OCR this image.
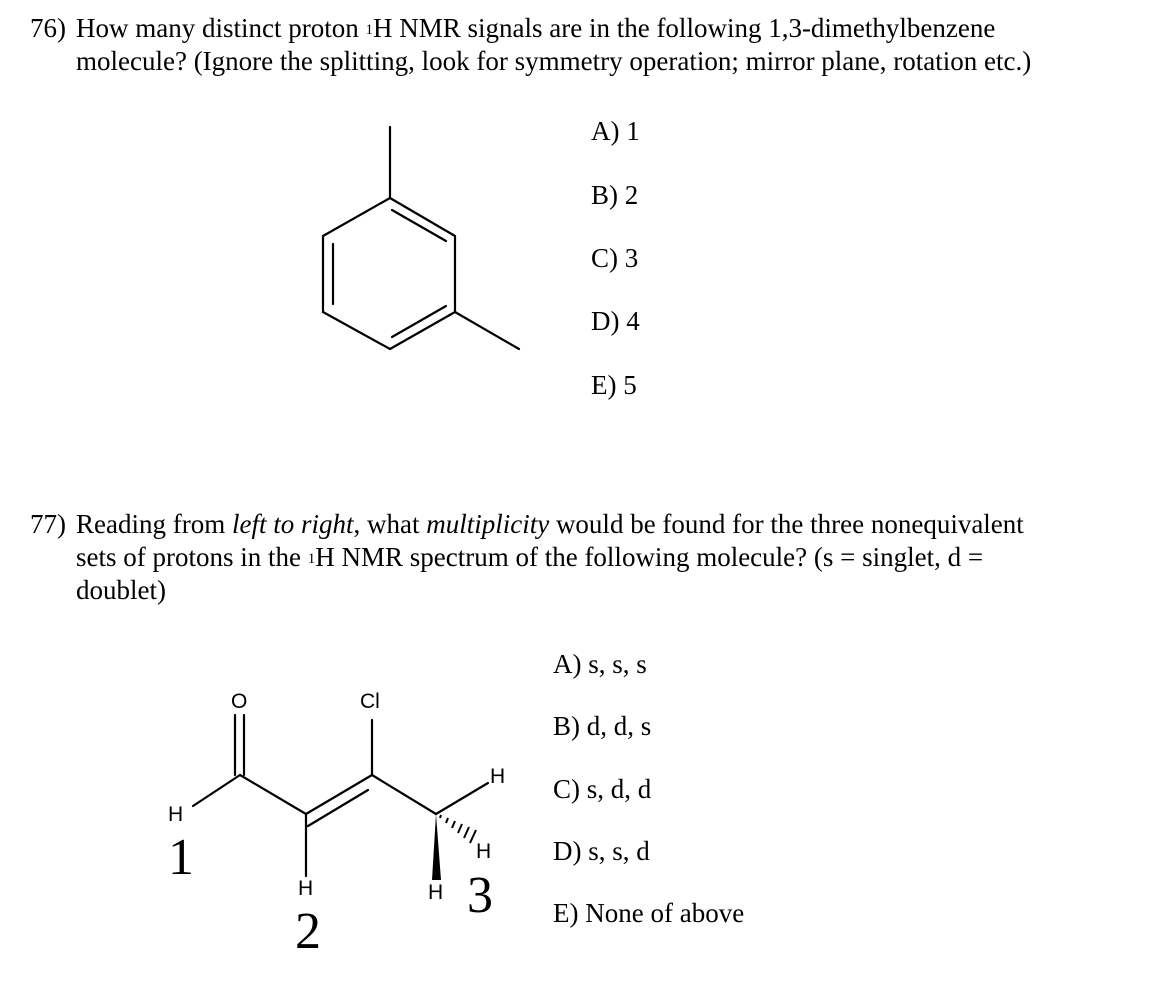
76) How many distinct proton $^1$H NMR signals are in the following 1,3-dimethylbenzene
molecule? (Ignore the splitting, look for symmetry operation; mirror plane, rotation etc.)
A) 1
B) 2
C) 3
D) 4
E) 5
77) Reading from left to right, what multiplicity would be found for the three nonequivalent
sets of protons in the $^1$H NMR spectrum of the following molecule? (s = singlet, d =
doublet)
A) s, s, s
B) d, d, s
C) s, d, d
D) s, s, d
E) None of above
O	Cl
H
H
H
H
H
1
2
3
